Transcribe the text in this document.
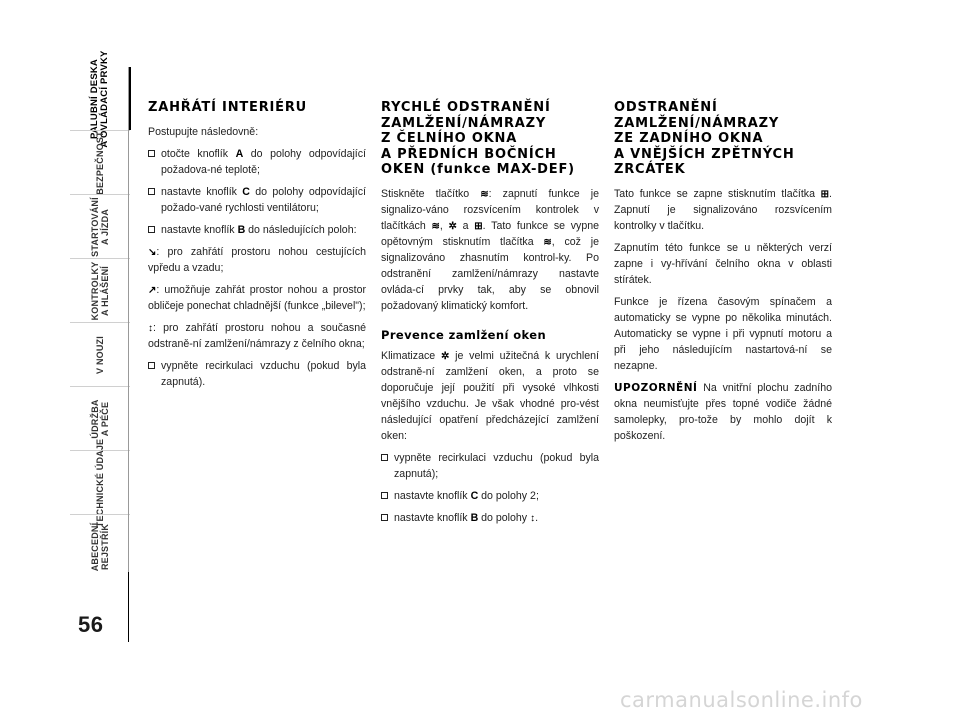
PALUBNÍ DESKA
A OVLÁDACÍ PRVKY
BEZPEČNOST
STARTOVÁNÍ
A JÍZDA
KONTROLKY
A HLÁŠENÍ
V NOUZI
ÚDRŽBA
A PÉČE
TECHNICKÉ ÚDAJE
ABECEDNÍ
REJSTŘÍK
56
ZAHŘÁTÍ INTERIÉRU

Postupujte následovně:

otočte knoflík A do polohy odpovídající požadova-né teplotě;

nastavte knoflík C do polohy odpovídající požado-vané rychlosti ventilátoru;

nastavte knoflík B do následujících poloh:

↘: pro zahřátí prostoru nohou cestujících vpředu a vzadu;

↗: umožňuje zahřát prostor nohou a prostor obličeje ponechat chladnější (funkce „bilevel");

↕: pro zahřátí prostoru nohou a současné odstraně-ní zamlžení/námrazy z čelního okna;

vypněte recirkulaci vzduchu (pokud byla zapnutá).

RYCHLÉ ODSTRANĚNÍ
ZAMLŽENÍ/NÁMRAZY
Z ČELNÍHO OKNA
A PŘEDNÍCH BOČNÍCH
OKEN (funkce MAX-DEF)

Stiskněte tlačítko ≋: zapnutí funkce je signalizo-váno rozsvícením kontrolek v tlačítkách ≋, ✲ a ⊞. Tato funkce se vypne opětovným stisknutím tlačítka ≋, což je signalizováno zhasnutím kontrol-ky. Po odstranění zamlžení/námrazy nastavte ovláda-cí prvky tak, aby se obnovil požadovaný klimatický komfort.

Prevence zamlžení oken

Klimatizace ✲ je velmi užitečná k urychlení odstraně-ní zamlžení oken, a proto se doporučuje její použití při vysoké vlhkosti vnějšího vzduchu. Je však vhodné pro-vést následující opatření předcházející zamlžení oken:

vypněte recirkulaci vzduchu (pokud byla zapnutá);

nastavte knoflík C do polohy 2;

nastavte knoflík B do polohy ↕.

ODSTRANĚNÍ
ZAMLŽENÍ/NÁMRAZY
ZE ZADNÍHO OKNA
A VNĚJŠÍCH ZPĚTNÝCH
ZRCÁTEK

Tato funkce se zapne stisknutím tlačítka ⊞. Zapnutí je signalizováno rozsvícením kontrolky v tlačítku.

Zapnutím této funkce se u některých verzí zapne i vy-hřívání čelního okna v oblasti stírátek.

Funkce je řízena časovým spínačem a automaticky se vypne po několika minutách. Automaticky se vypne i při vypnutí motoru a při jeho následujícím nastartová-ní se nezapne.

UPOZORNĚNÍ Na vnitřní plochu zadního okna neumisťujte přes topné vodiče žádné samolepky, pro-tože by mohlo dojít k poškození.

carmanualsonline.info
